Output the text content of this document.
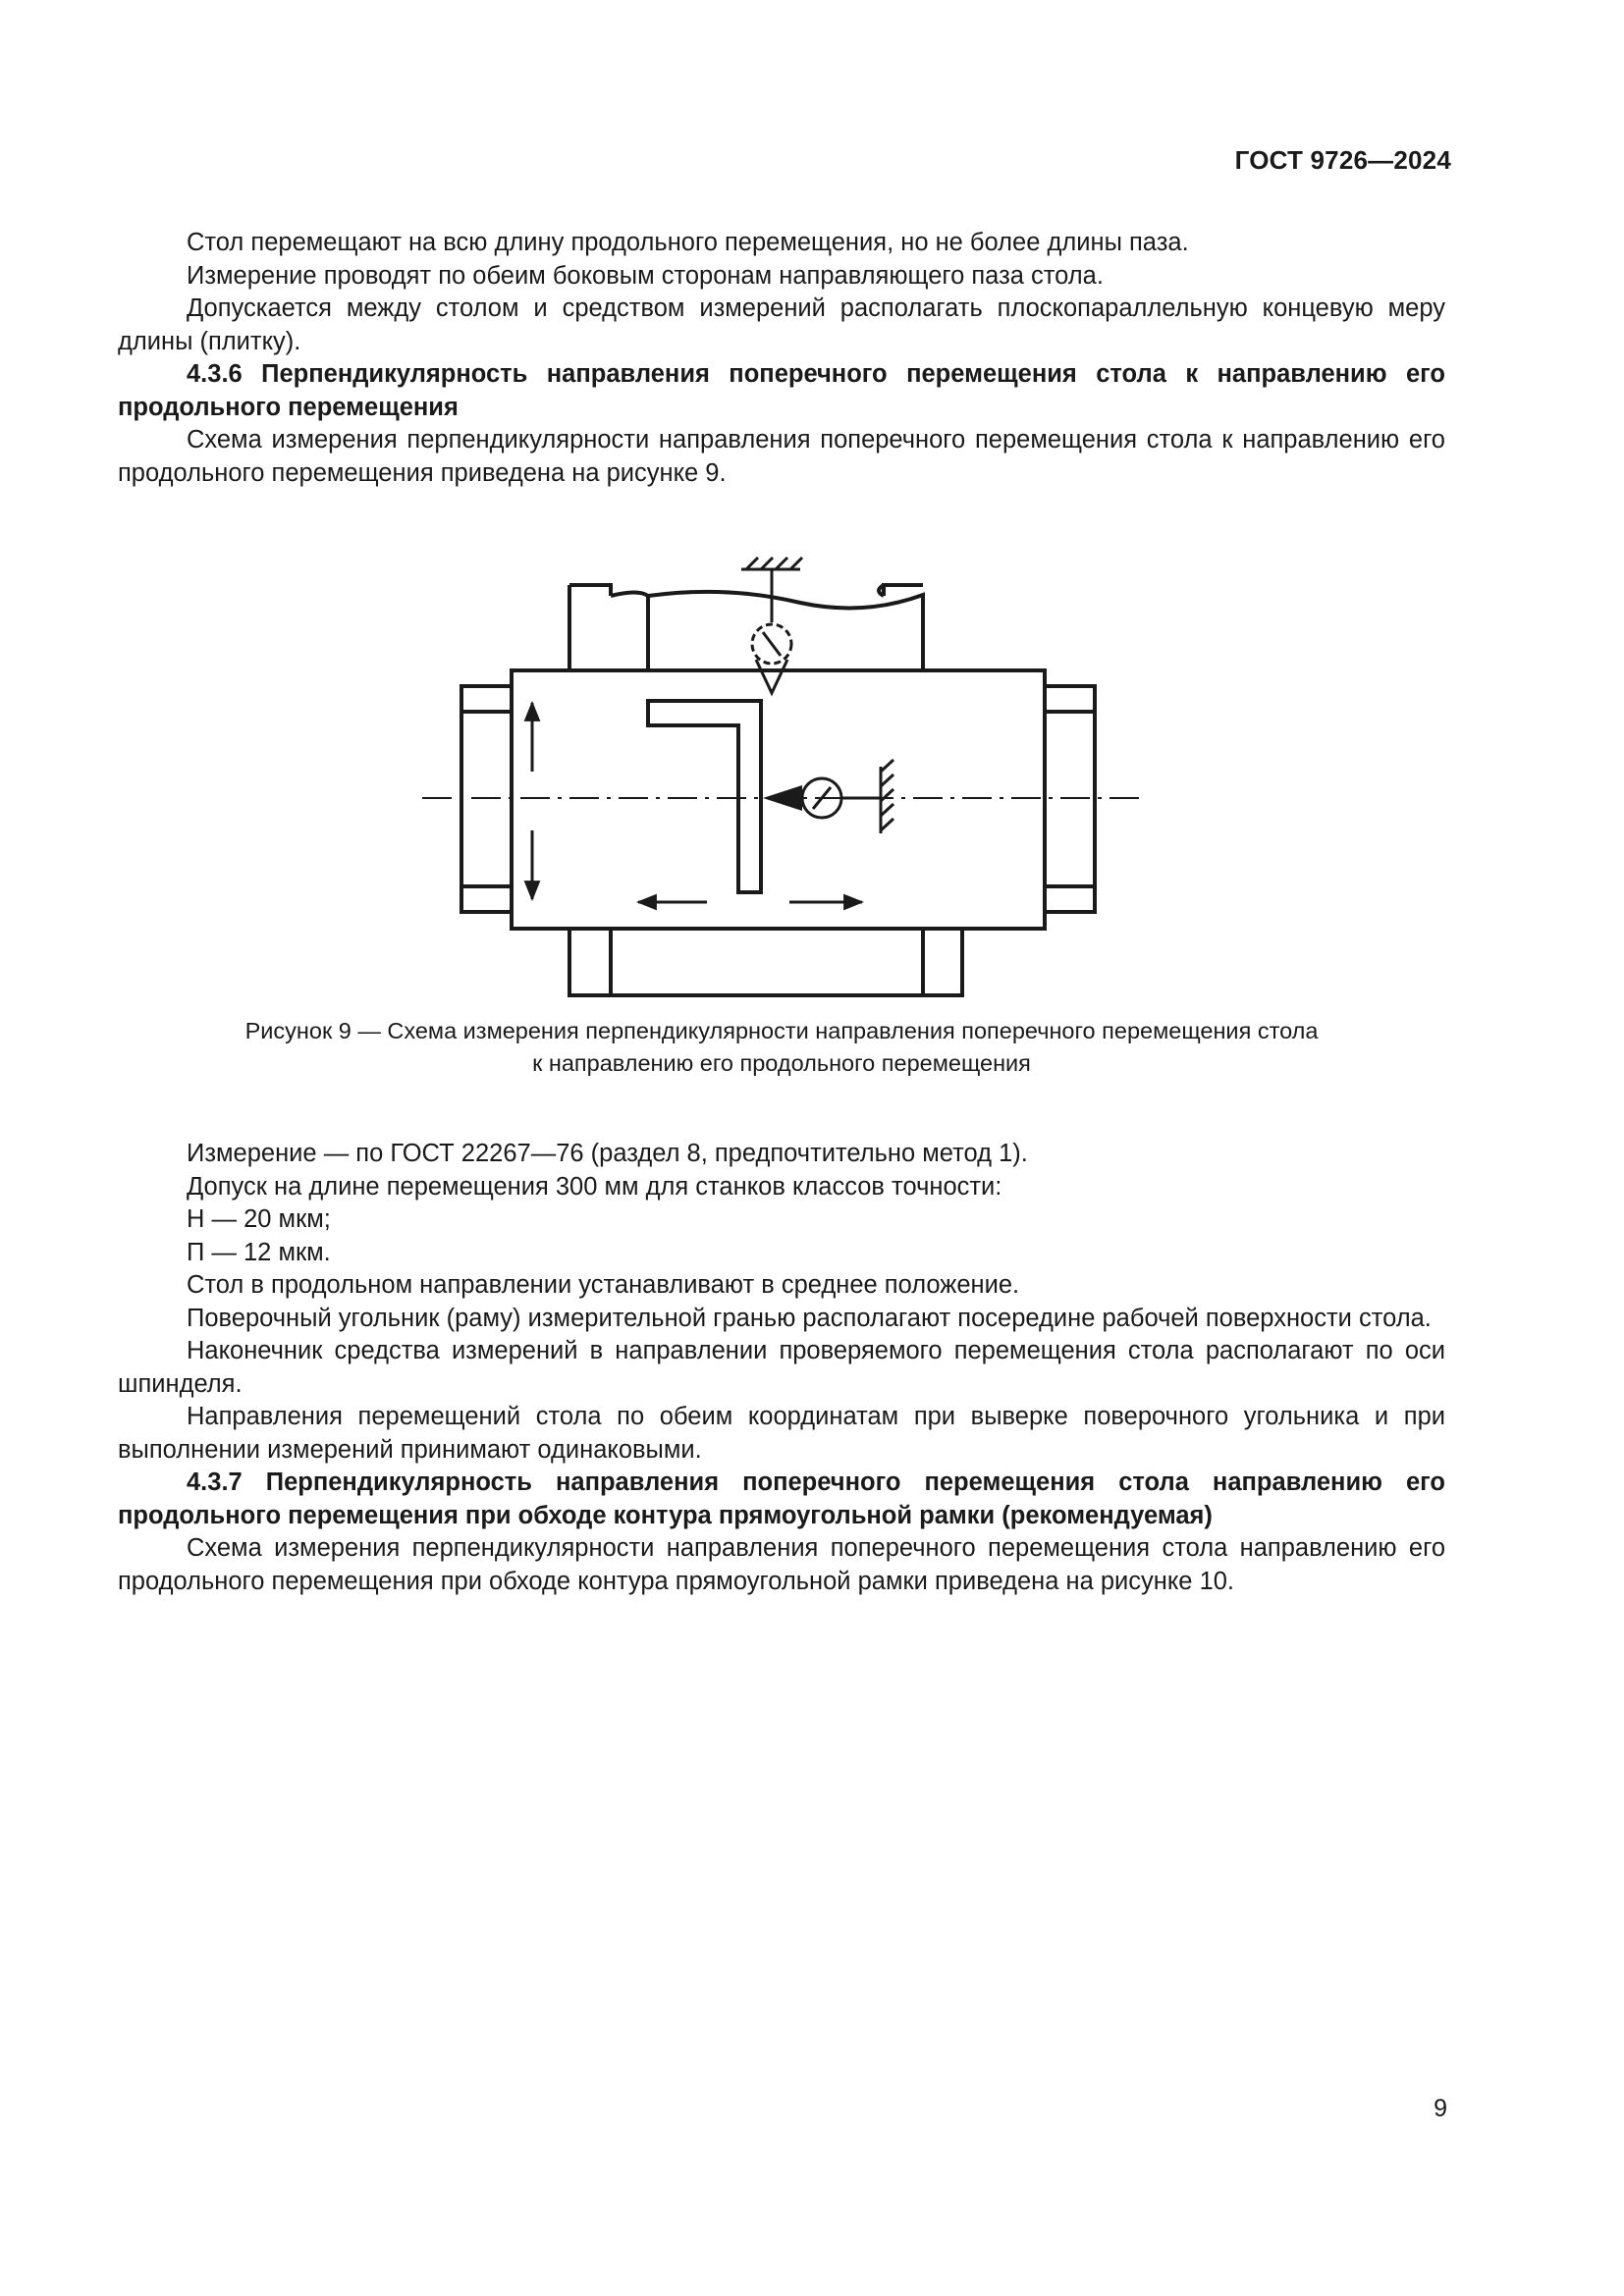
ГОСТ 9726—2024

Стол перемещают на всю длину продольного перемещения, но не более длины паза.

Измерение проводят по обеим боковым сторонам направляющего паза стола.

Допускается между столом и средством измерений располагать плоскопараллельную концевую меру длины (плитку).

4.3.6 Перпендикулярность направления поперечного перемещения стола к направлению его продольного перемещения

Схема измерения перпендикулярности направления поперечного перемещения стола к направлению его продольного перемещения приведена на рисунке 9.

Рисунок 9 — Схема измерения перпендикулярности направления поперечного перемещения стола
к направлению его продольного перемещения

Измерение — по ГОСТ 22267—76 (раздел 8, предпочтительно метод 1).

Допуск на длине перемещения 300 мм для станков классов точности:

Н — 20 мкм;

П — 12 мкм.

Стол в продольном направлении устанавливают в среднее положение.

Поверочный угольник (раму) измерительной гранью располагают посередине рабочей поверхности стола.

Наконечник средства измерений в направлении проверяемого перемещения стола располагают по оси шпинделя.

Направления перемещений стола по обеим координатам при выверке поверочного угольника и при выполнении измерений принимают одинаковыми.

4.3.7 Перпендикулярность направления поперечного перемещения стола направлению его продольного перемещения при обходе контура прямоугольной рамки (рекомендуемая)

Схема измерения перпендикулярности направления поперечного перемещения стола направлению его продольного перемещения при обходе контура прямоугольной рамки приведена на рисунке 10.

9
